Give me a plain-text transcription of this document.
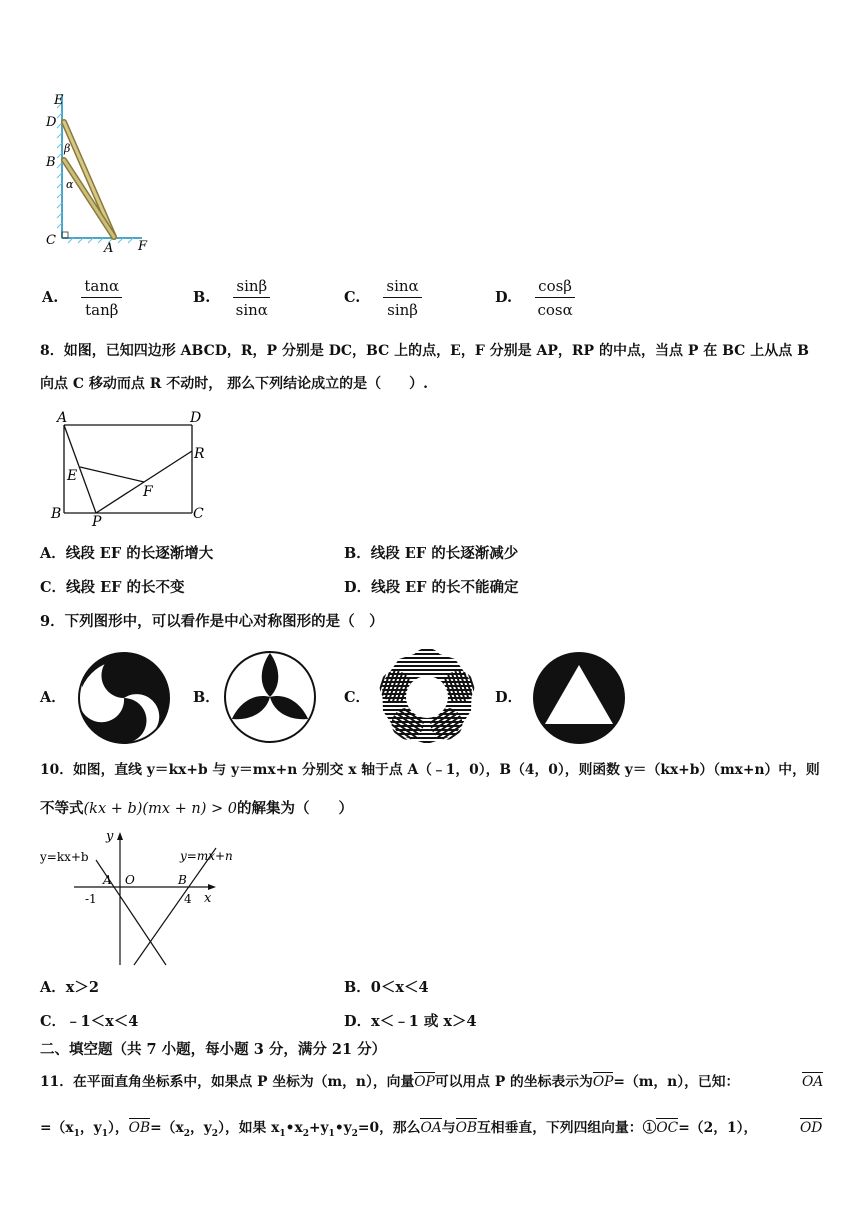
E
D
B
C
A F
β
α
A. $\frac{\tan\alpha}{\tan\beta}$	B. $\frac{\sin\beta}{\sin\alpha}$	C. $\frac{\sin\alpha}{\sin\beta}$	D. $\frac{\cos\beta}{\cos\alpha}$
8．如图，已知四边形 ABCD，R，P 分别是 DC，BC 上的点，E，F 分别是 AP，RP 的中点，当点 P 在 BC 上从点 B
向点 C 移动而点 R 不动时， 那么下列结论成立的是（　　）.
A	D
R
E
F
B P	C
A．线段 EF 的长逐渐增大	B．线段 EF 的长逐渐减少
C．线段 EF 的长不变	D．线段 EF 的长不能确定
9．下列图形中，可以看作是中心对称图形的是（　）
A．	B．	C．	D．
10．如图，直线 y＝kx+b 与 y＝mx+n 分别交 x 轴于点 A（﹣1，0），B（4，0），则函数 y＝（kx+b）（mx+n）中，则
不等式(kx + b)(mx + n) > 0的解集为（　　）
y
x
y=kx+b	y=mx+n
A O	B
-1	4
A．x＞2	B．0＜x＜4
C．﹣1＜x＜4	D．x＜﹣1 或 x＞4
二、填空题（共 7 小题，每小题 3 分，满分 21 分）
11．在平面直角坐标系中，如果点 P 坐标为（m，n），向量OP可以用点 P 的坐标表示为OP=（m，n），已知：	OA
$=(x_1$，$y_1$），$OB=(x_2$，$y_2$），如果 $x_1•x_2+y_1•y_2=0$，那么OA与OB互相垂直，下列四组向量：①OC=（2，1），	OD
